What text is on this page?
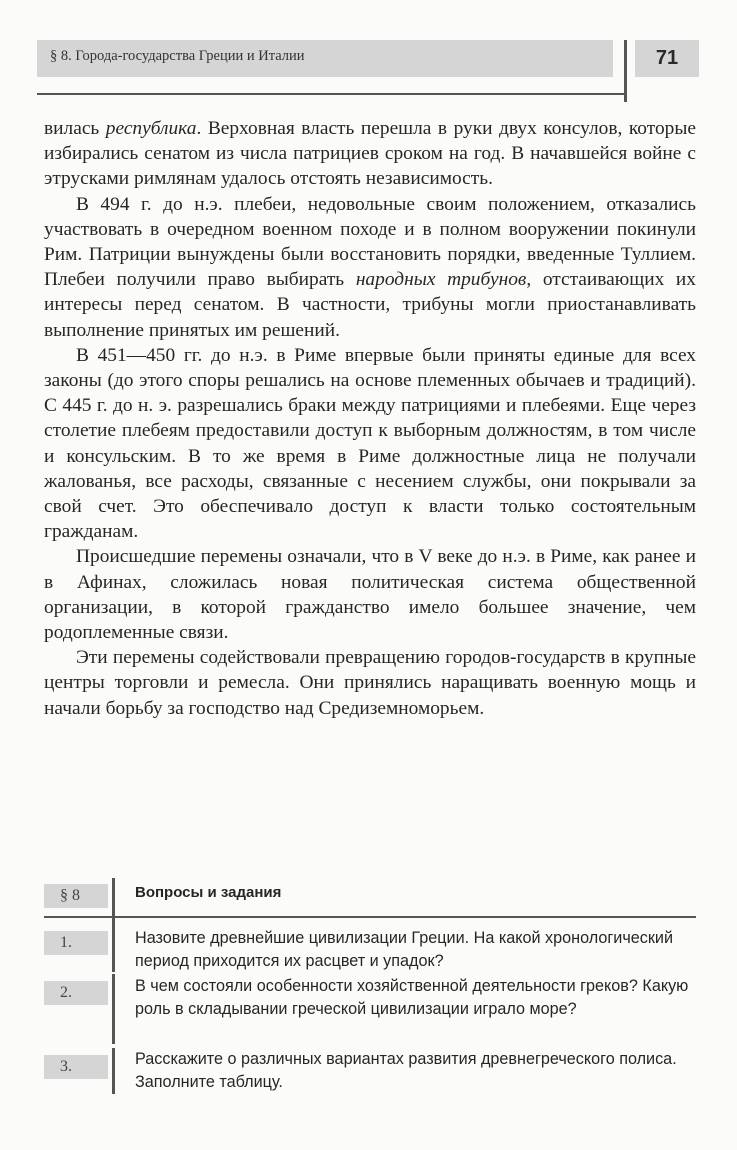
§ 8. Города-государства Греции и Италии	71

вилась республика. Верховная власть перешла в руки двух консулов, которые избирались сенатом из числа патрициев сроком на год. В начавшейся войне с этрусками римлянам удалось отстоять независимость.

В 494 г. до н.э. плебеи, недовольные своим положением, отказались участвовать в очередном военном походе и в полном вооружении покинули Рим. Патриции вынуждены были восстановить порядки, введенные Туллием. Плебеи получили право выбирать народных трибунов, отстаивающих их интересы перед сенатом. В частности, трибуны могли приостанавливать выполнение принятых им решений.

В 451—450 гг. до н.э. в Риме впервые были приняты единые для всех законы (до этого споры решались на основе племенных обычаев и традиций). С 445 г. до н. э. разрешались браки между патрициями и плебеями. Еще через столетие плебеям предоставили доступ к выборным должностям, в том числе и консульским. В то же время в Риме должностные лица не получали жалованья, все расходы, связанные с несением службы, они покрывали за свой счет. Это обеспечивало доступ к власти только состоятельным гражданам.

Происшедшие перемены означали, что в V веке до н.э. в Риме, как ранее и в Афинах, сложилась новая политическая система общественной организации, в которой гражданство имело большее значение, чем родоплеменные связи.

Эти перемены содействовали превращению городов-государств в крупные центры торговли и ремесла. Они принялись наращивать военную мощь и начали борьбу за господство над Средиземноморьем.

§ 8	Вопросы и задания
1.	Назовите древнейшие цивилизации Греции. На какой хронологический период приходится их расцвет и упадок?
2.	В чем состояли особенности хозяйственной деятельности греков? Какую роль в складывании греческой цивилизации играло море?
3.	Расскажите о различных вариантах развития древнегреческого полиса. Заполните таблицу.
